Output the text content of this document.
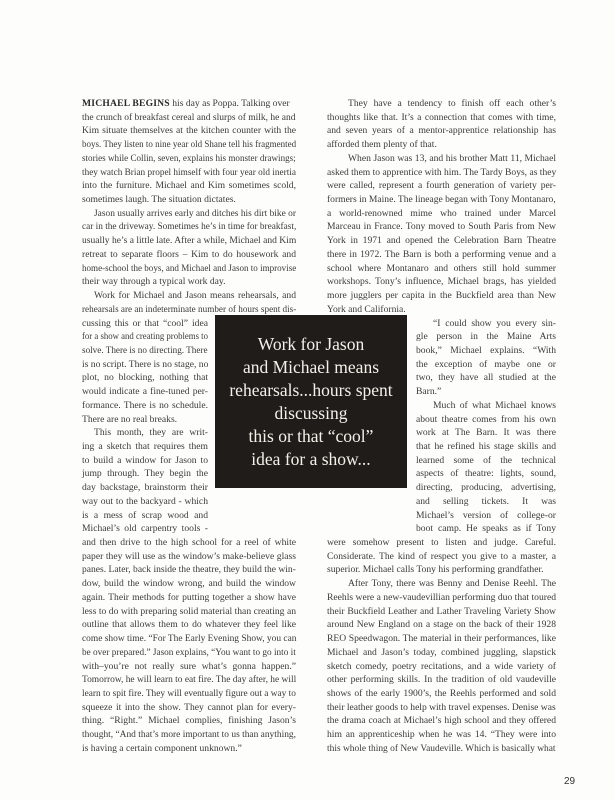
Work for Jason
and Michael means
rehearsals...hours spent
discussing
this or that “cool”
idea for a show...
29
MICHAEL BEGINS his day as Poppa. Talking over
the crunch of breakfast cereal and slurps of milk, he and
Kim situate themselves at the kitchen counter with the
boys. They listen to nine year old Shane tell his fragmented
stories while Collin, seven, explains his monster drawings;
they watch Brian propel himself with four year old inertia
into the furniture. Michael and Kim sometimes scold,
sometimes laugh. The situation dictates.
Jason usually arrives early and ditches his dirt bike or
car in the driveway. Sometimes he’s in time for breakfast,
usually he’s a little late. After a while, Michael and Kim
retreat to separate floors – Kim to do housework and
home-school the boys, and Michael and Jason to improvise
their way through a typical work day.
Work for Michael and Jason means rehearsals, and
rehearsals are an indeterminate number of hours spent dis-
cussing this or that “cool” idea
for a show and creating problems to
solve. There is no directing. There
is no script. There is no stage, no
plot, no blocking, nothing that
would indicate a fine-tuned per-
formance. There is no schedule.
There are no real breaks.
This month, they are writ-
ing a sketch that requires them
to build a window for Jason to
jump through. They begin the
day backstage, brainstorm their
way out to the backyard - which
is a mess of scrap wood and
Michael’s old carpentry tools -
and then drive to the high school for a reel of white
paper they will use as the window’s make-believe glass
panes. Later, back inside the theatre, they build the win-
dow, build the window wrong, and build the window
again. Their methods for putting together a show have
less to do with preparing solid material than creating an
outline that allows them to do whatever they feel like
come show time. “For The Early Evening Show, you can
be over prepared.” Jason explains, “You want to go into it
with–you’re not really sure what’s gonna happen.”
Tomorrow, he will learn to eat fire. The day after, he will
learn to spit fire. They will eventually figure out a way to
squeeze it into the show. They cannot plan for every-
thing. “Right.” Michael complies, finishing Jason’s
thought, “And that’s more important to us than anything,
is having a certain component unknown.”
They have a tendency to finish off each other’s
thoughts like that. It’s a connection that comes with time,
and seven years of a mentor-apprentice relationship has
afforded them plenty of that.
When Jason was 13, and his brother Matt 11, Michael
asked them to apprentice with him. The Tardy Boys, as they
were called, represent a fourth generation of variety per-
formers in Maine. The lineage began with Tony Montanaro,
a world-renowned mime who trained under Marcel
Marceau in France. Tony moved to South Paris from New
York in 1971 and opened the Celebration Barn Theatre
there in 1972. The Barn is both a performing venue and a
school where Montanaro and others still hold summer
workshops. Tony’s influence, Michael brags, has yielded
more jugglers per capita in the Buckfield area than New
York and California.
“I could show you every sin-
gle person in the Maine Arts
book,” Michael explains. “With
the exception of maybe one or
two, they have all studied at the
Barn.”
Much of what Michael knows
about theatre comes from his own
work at The Barn. It was there
that he refined his stage skills and
learned some of the technical
aspects of theatre: lights, sound,
directing, producing, advertising,
and selling tickets. It was
Michael’s version of college-or
boot camp. He speaks as if Tony
were somehow present to listen and judge. Careful.
Considerate. The kind of respect you give to a master, a
superior. Michael calls Tony his performing grandfather.
After Tony, there was Benny and Denise Reehl. The
Reehls were a new-vaudevillian performing duo that toured
their Buckfield Leather and Lather Traveling Variety Show
around New England on a stage on the back of their 1928
REO Speedwagon. The material in their performances, like
Michael and Jason’s today, combined juggling, slapstick
sketch comedy, poetry recitations, and a wide variety of
other performing skills. In the tradition of old vaudeville
shows of the early 1900’s, the Reehls performed and sold
their leather goods to help with travel expenses. Denise was
the drama coach at Michael’s high school and they offered
him an apprenticeship when he was 14. “They were into
this whole thing of New Vaudeville. Which is basically what
